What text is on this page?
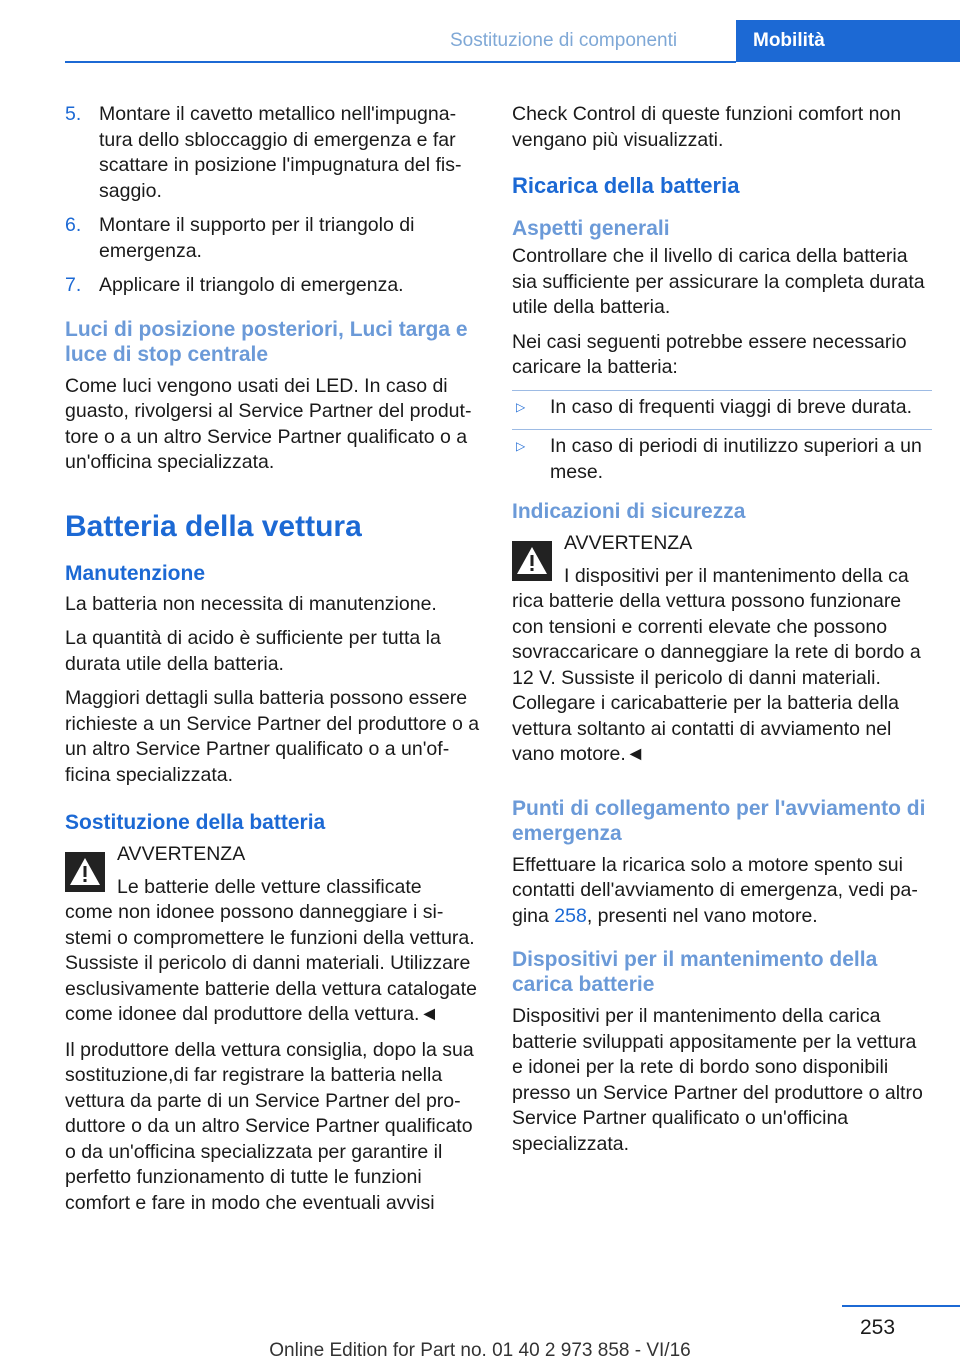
Sostituzione di componenti	Mobilità
5. Montare il cavetto metallico nell'impugnatura dello sbloccaggio di emergenza e far scattare in posizione l'impugnatura del fissaggio.
6. Montare il supporto per il triangolo di emergenza.
7. Applicare il triangolo di emergenza.
Luci di posizione posteriori, Luci targa e luce di stop centrale

Come luci vengono usati dei LED. In caso di guasto, rivolgersi al Service Partner del produttore o a un altro Service Partner qualificato o a un'officina specializzata.

Batteria della vettura
Manutenzione

La batteria non necessita di manutenzione.

La quantità di acido è sufficiente per tutta la durata utile della batteria.

Maggiori dettagli sulla batteria possono essere richieste a un Service Partner del produttore o a un altro Service Partner qualificato o a un'officina specializzata.

Sostituzione della batteria
AVVERTENZA
Le batterie delle vetture classificate
come non idonee possono danneggiare i sistemi o compromettere le funzioni della vettura. Sussiste il pericolo di danni materiali. Utilizzare esclusivamente batterie della vettura catalogate come idonee dal produttore della vettura.◄

Il produttore della vettura consiglia, dopo la sua sostituzione,di far registrare la batteria nella vettura da parte di un Service Partner del produttore o da un altro Service Partner qualificato o da un'officina specializzata per garantire il perfetto funzionamento di tutte le funzioni comfort e fare in modo che eventuali avvisi

Check Control di queste funzioni comfort non vengano più visualizzati.

Ricarica della batteria
Aspetti generali

Controllare che il livello di carica della batteria sia sufficiente per assicurare la completa durata utile della batteria.

Nei casi seguenti potrebbe essere necessario caricare la batteria:

▷	In caso di frequenti viaggi di breve durata.
▷	In caso di periodi di inutilizzo superiori a un mese.
Indicazioni di sicurezza
AVVERTENZA
I dispositivi per il mantenimento della ca
rica batterie della vettura possono funzionare con tensioni e correnti elevate che possono sovraccaricare o danneggiare la rete di bordo a 12 V. Sussiste il pericolo di danni materiali. Collegare i caricabatterie per la batteria della vettura soltanto ai contatti di avviamento nel vano motore.◄
Punti di collegamento per l'avviamento di emergenza

Effettuare la ricarica solo a motore spento sui contatti dell'avviamento di emergenza, vedi pagina 258, presenti nel vano motore.

Dispositivi per il mantenimento della carica batterie

Dispositivi per il mantenimento della carica batterie sviluppati appositamente per la vettura e idonei per la rete di bordo sono disponibili presso un Service Partner del produttore o altro Service Partner qualificato o un'officina specializzata.

253
Online Edition for Part no. 01 40 2 973 858 - VI/16
